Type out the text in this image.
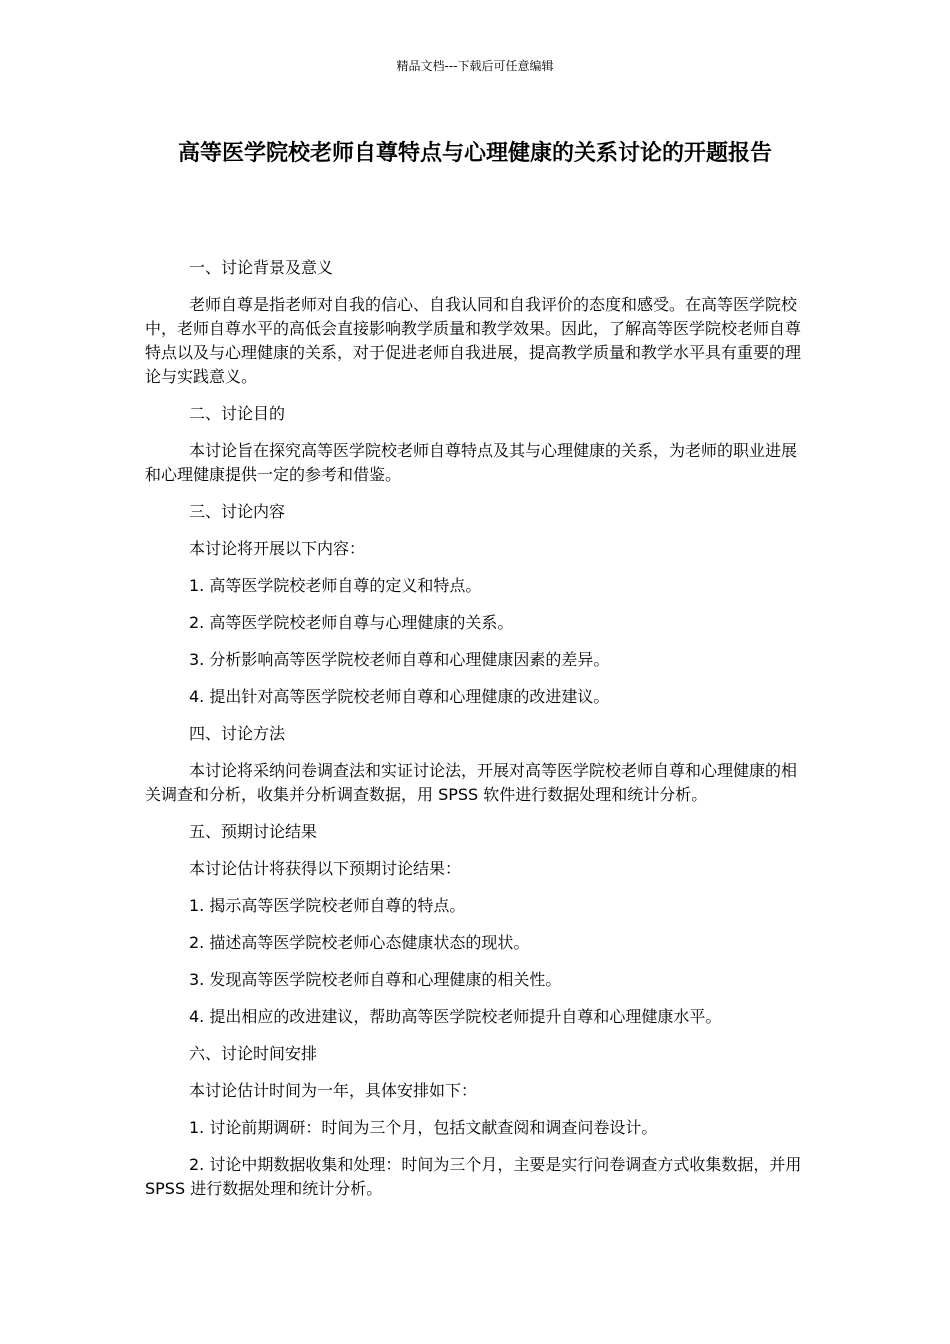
精品文档---下载后可任意编辑
高等医学院校老师自尊特点与心理健康的关系讨论的开题报告

一、讨论背景及意义

老师自尊是指老师对自我的信心、自我认同和自我评价的态度和感受。在高等医学院校中，老师自尊水平的高低会直接影响教学质量和教学效果。因此，了解高等医学院校老师自尊特点以及与心理健康的关系，对于促进老师自我进展，提高教学质量和教学水平具有重要的理论与实践意义。

二、讨论目的

本讨论旨在探究高等医学院校老师自尊特点及其与心理健康的关系，为老师的职业进展和心理健康提供一定的参考和借鉴。

三、讨论内容

本讨论将开展以下内容：

1. 高等医学院校老师自尊的定义和特点。

2. 高等医学院校老师自尊与心理健康的关系。

3. 分析影响高等医学院校老师自尊和心理健康因素的差异。

4. 提出针对高等医学院校老师自尊和心理健康的改进建议。

四、讨论方法

本讨论将采纳问卷调查法和实证讨论法，开展对高等医学院校老师自尊和心理健康的相关调查和分析，收集并分析调查数据，用 SPSS 软件进行数据处理和统计分析。

五、预期讨论结果

本讨论估计将获得以下预期讨论结果：

1. 揭示高等医学院校老师自尊的特点。

2. 描述高等医学院校老师心态健康状态的现状。

3. 发现高等医学院校老师自尊和心理健康的相关性。

4. 提出相应的改进建议，帮助高等医学院校老师提升自尊和心理健康水平。

六、讨论时间安排

本讨论估计时间为一年，具体安排如下：

1. 讨论前期调研：时间为三个月，包括文献查阅和调查问卷设计。

2. 讨论中期数据收集和处理：时间为三个月，主要是实行问卷调查方式收集数据，并用 SPSS 进行数据处理和统计分析。
